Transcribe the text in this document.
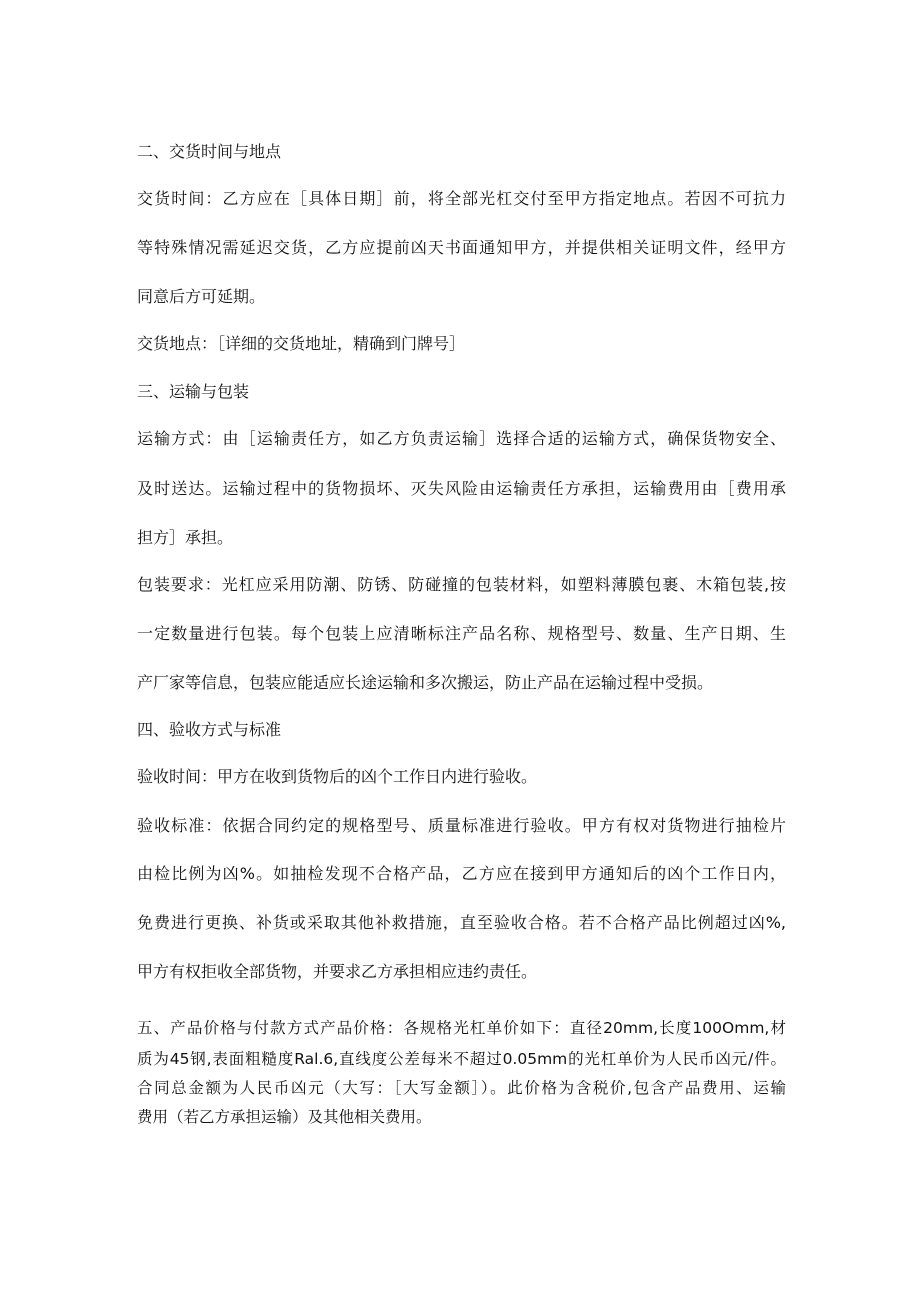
二、交货时间与地点

交货时间：乙方应在［具体日期］前，将全部光杠交付至甲方指定地点。若因不可抗力

等特殊情况需延迟交货，乙方应提前凶天书面通知甲方，并提供相关证明文件，经甲方

同意后方可延期。

交货地点：［详细的交货地址，精确到门牌号］

三、运输与包装

运输方式：由［运输责任方，如乙方负责运输］选择合适的运输方式，确保货物安全、

及时送达。运输过程中的货物损坏、灭失风险由运输责任方承担，运输费用由［费用承

担方］承担。

包装要求：光杠应采用防潮、防锈、防碰撞的包装材料，如塑料薄膜包裹、木箱包装,按

一定数量进行包装。每个包装上应清晰标注产品名称、规格型号、数量、生产日期、生

产厂家等信息，包装应能适应长途运输和多次搬运，防止产品在运输过程中受损。

四、验收方式与标准

验收时间：甲方在收到货物后的凶个工作日内进行验收。

验收标准：依据合同约定的规格型号、质量标准进行验收。甲方有权对货物进行抽检片

由检比例为凶%。如抽检发现不合格产品，乙方应在接到甲方通知后的凶个工作日内，

免费进行更换、补货或采取其他补救措施，直至验收合格。若不合格产品比例超过凶%,

甲方有权拒收全部货物，并要求乙方承担相应违约责任。

五、产品价格与付款方式产品价格：各规格光杠单价如下：直径20mm,长度100Omm,材

质为45钢,表面粗糙度Ral.6,直线度公差每米不超过0.05mm的光杠单价为人民币凶元/件。

合同总金额为人民币凶元（大写：［大写金额］）。此价格为含税价,包含产品费用、运输

费用（若乙方承担运输）及其他相关费用。
